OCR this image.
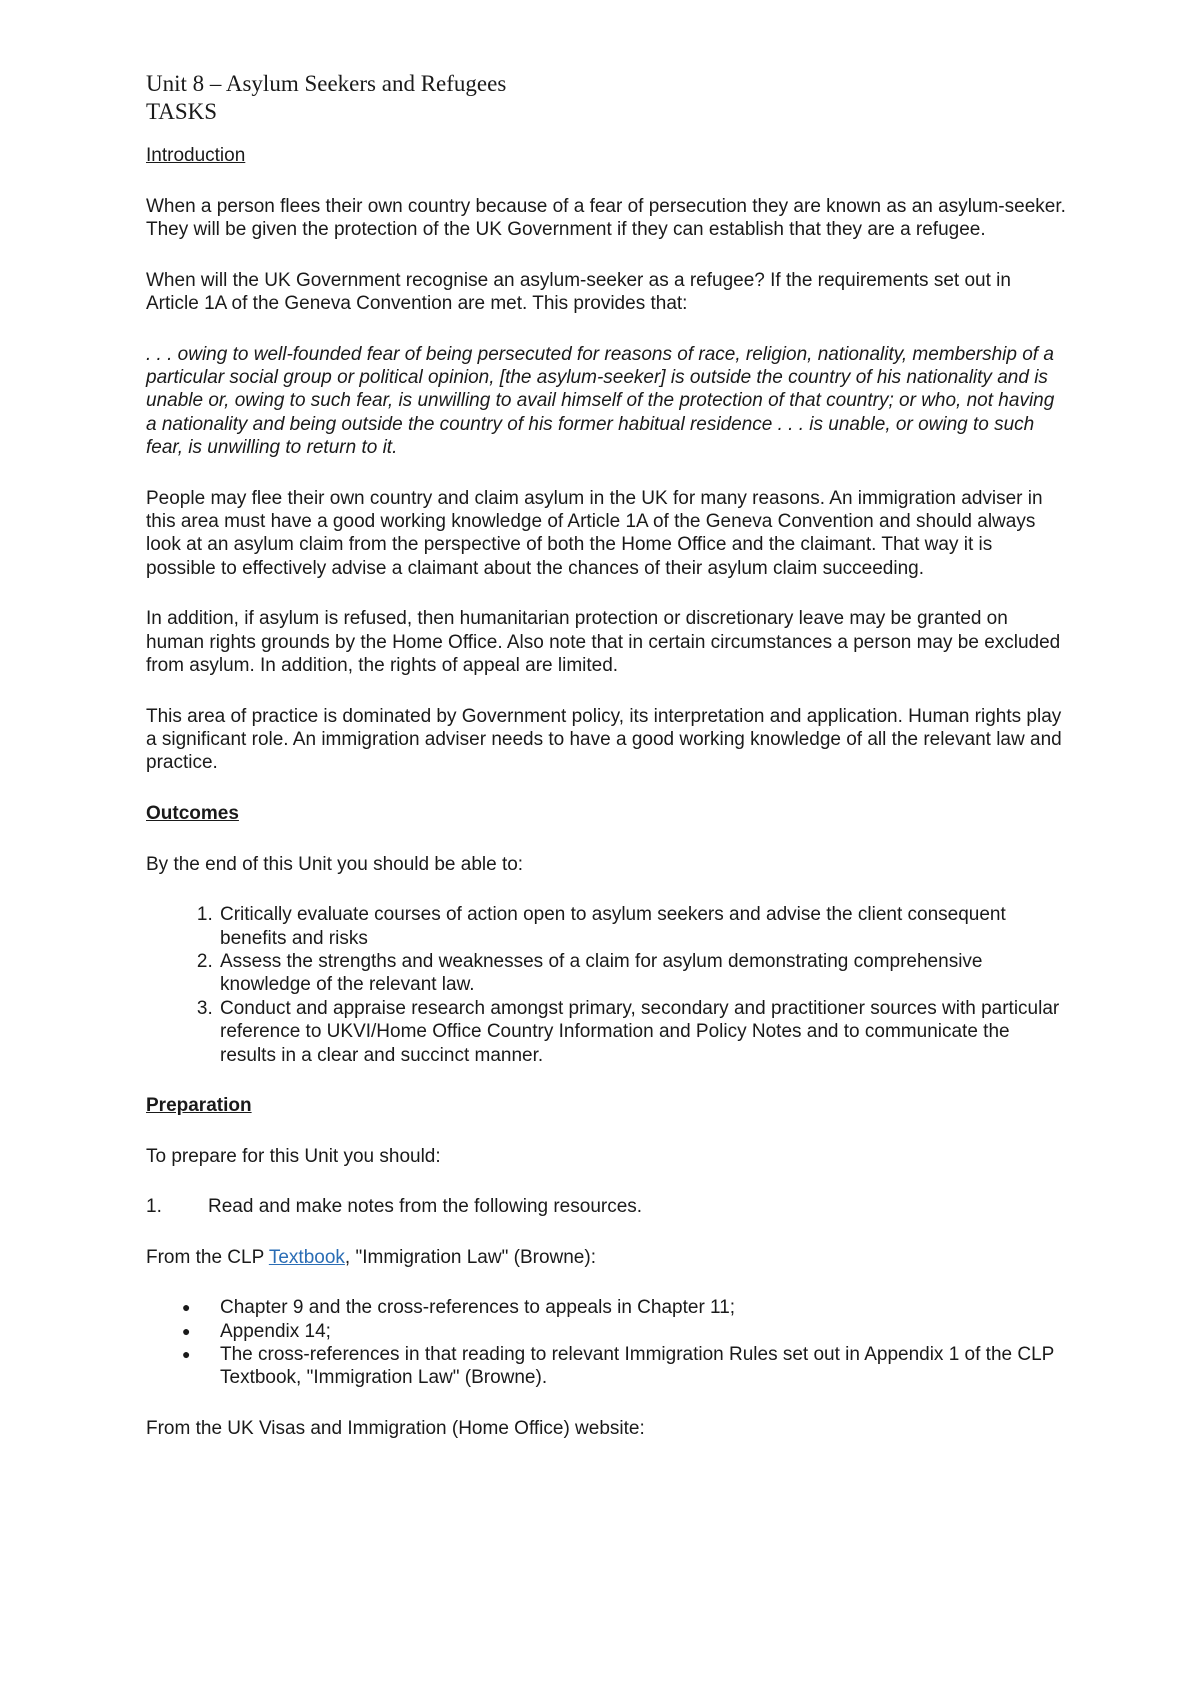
Unit 8 – Asylum Seekers and Refugees
TASKS
Introduction

When a person flees their own country because of a fear of persecution they are known as an asylum-seeker. They will be given the protection of the UK Government if they can establish that they are a refugee.

When will the UK Government recognise an asylum-seeker as a refugee? If the requirements set out in Article 1A of the Geneva Convention are met. This provides that:

. . . owing to well-founded fear of being persecuted for reasons of race, religion, nationality, membership of a particular social group or political opinion, [the asylum-seeker] is outside the country of his nationality and is unable or, owing to such fear, is unwilling to avail himself of the protection of that country; or who, not having a nationality and being outside the country of his former habitual residence . . . is unable, or owing to such fear, is unwilling to return to it.

People may flee their own country and claim asylum in the UK for many reasons. An immigration adviser in this area must have a good working knowledge of Article 1A of the Geneva Convention and should always look at an asylum claim from the perspective of both the Home Office and the claimant. That way it is possible to effectively advise a claimant about the chances of their asylum claim succeeding.

In addition, if asylum is refused, then humanitarian protection or discretionary leave may be granted on human rights grounds by the Home Office. Also note that in certain circumstances a person may be excluded from asylum. In addition, the rights of appeal are limited.

This area of practice is dominated by Government policy, its interpretation and application. Human rights play a significant role. An immigration adviser needs to have a good working knowledge of all the relevant law and practice.

Outcomes

By the end of this Unit you should be able to:

1. Critically evaluate courses of action open to asylum seekers and advise the client consequent benefits and risks
2. Assess the strengths and weaknesses of a claim for asylum demonstrating comprehensive knowledge of the relevant law.
3. Conduct and appraise research amongst primary, secondary and practitioner sources with particular reference to UKVI/Home Office Country Information and Policy Notes and to communicate the results in a clear and succinct manner.
Preparation

To prepare for this Unit you should:

1.	Read and make notes from the following resources.

From the CLP Textbook, "Immigration Law" (Browne):

● Chapter 9 and the cross-references to appeals in Chapter 11;
● Appendix 14;
● The cross-references in that reading to relevant Immigration Rules set out in Appendix 1 of the CLP Textbook, "Immigration Law" (Browne).

From the UK Visas and Immigration (Home Office) website:
